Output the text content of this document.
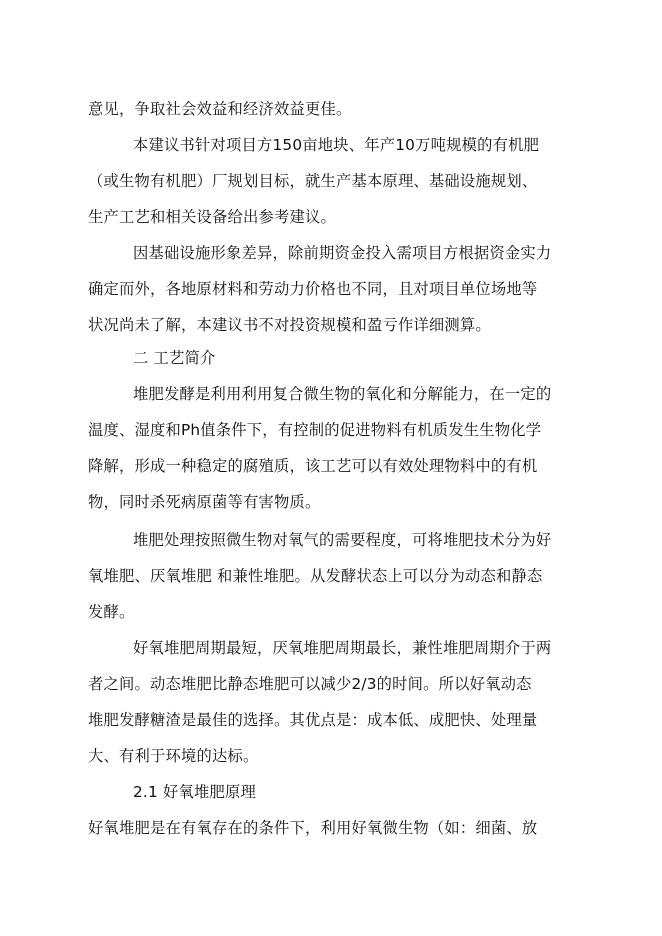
意见，争取社会效益和经济效益更佳。
本建议书针对项目方150亩地块、年产10万吨规模的有机肥
（或生物有机肥）厂规划目标，就生产基本原理、基础设施规划、
生产工艺和相关设备给出参考建议。
因基础设施形象差异，除前期资金投入需项目方根据资金实力
确定而外，各地原材料和劳动力价格也不同，且对项目单位场地等
状况尚未了解，本建议书不对投资规模和盈亏作详细测算。
二 工艺简介
堆肥发酵是利用利用复合微生物的氧化和分解能力，在一定的
温度、湿度和Ph值条件下，有控制的促进物料有机质发生生物化学
降解，形成一种稳定的腐殖质，该工艺可以有效处理物料中的有机
物，同时杀死病原菌等有害物质。
堆肥处理按照微生物对氧气的需要程度，可将堆肥技术分为好
氧堆肥、厌氧堆肥 和兼性堆肥。从发酵状态上可以分为动态和静态
发酵。
好氧堆肥周期最短，厌氧堆肥周期最长，兼性堆肥周期介于两
者之间。动态堆肥比静态堆肥可以减少2/3的时间。所以好氧动态
堆肥发酵糖渣是最佳的选择。其优点是：成本低、成肥快、处理量
大、有利于环境的达标。
2.1 好氧堆肥原理
好氧堆肥是在有氧存在的条件下，利用好氧微生物（如：细菌、放
